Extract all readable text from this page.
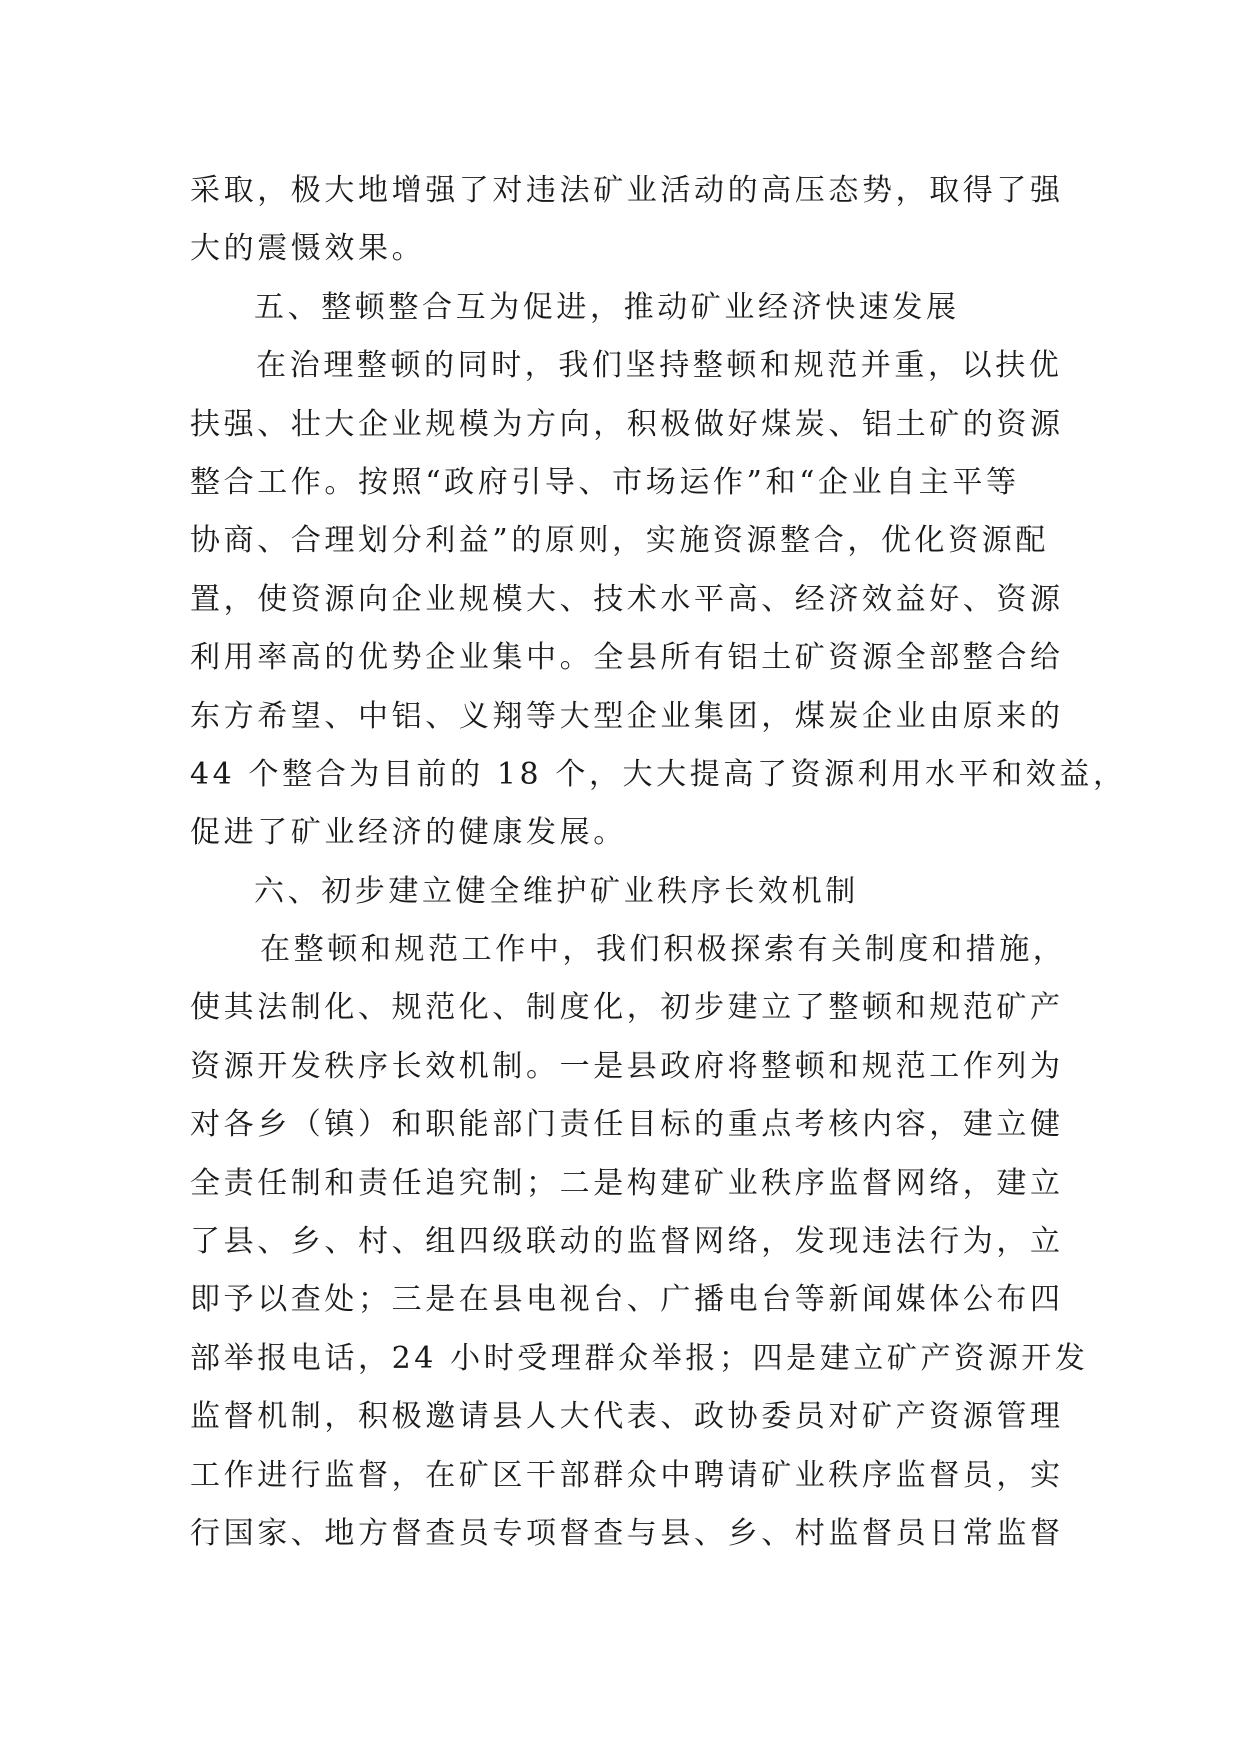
采取，极大地增强了对违法矿业活动的高压态势，取得了强
大的震慑效果。
五、整顿整合互为促进，推动矿业经济快速发展
在治理整顿的同时，我们坚持整顿和规范并重，以扶优
扶强、壮大企业规模为方向，积极做好煤炭、铝土矿的资源
整合工作。按照“政府引导、市场运作”和“企业自主平等
协商、合理划分利益”的原则，实施资源整合，优化资源配
置，使资源向企业规模大、技术水平高、经济效益好、资源
利用率高的优势企业集中。全县所有铝土矿资源全部整合给
东方希望、中铝、义翔等大型企业集团，煤炭企业由原来的
44 个整合为目前的 18 个，大大提高了资源利用水平和效益，
促进了矿业经济的健康发展。
六、初步建立健全维护矿业秩序长效机制
在整顿和规范工作中，我们积极探索有关制度和措施，
使其法制化、规范化、制度化，初步建立了整顿和规范矿产
资源开发秩序长效机制。一是县政府将整顿和规范工作列为
对各乡（镇）和职能部门责任目标的重点考核内容，建立健
全责任制和责任追究制；二是构建矿业秩序监督网络，建立
了县、乡、村、组四级联动的监督网络，发现违法行为，立
即予以查处；三是在县电视台、广播电台等新闻媒体公布四
部举报电话，24 小时受理群众举报；四是建立矿产资源开发
监督机制，积极邀请县人大代表、政协委员对矿产资源管理
工作进行监督，在矿区干部群众中聘请矿业秩序监督员，实
行国家、地方督查员专项督查与县、乡、村监督员日常监督
